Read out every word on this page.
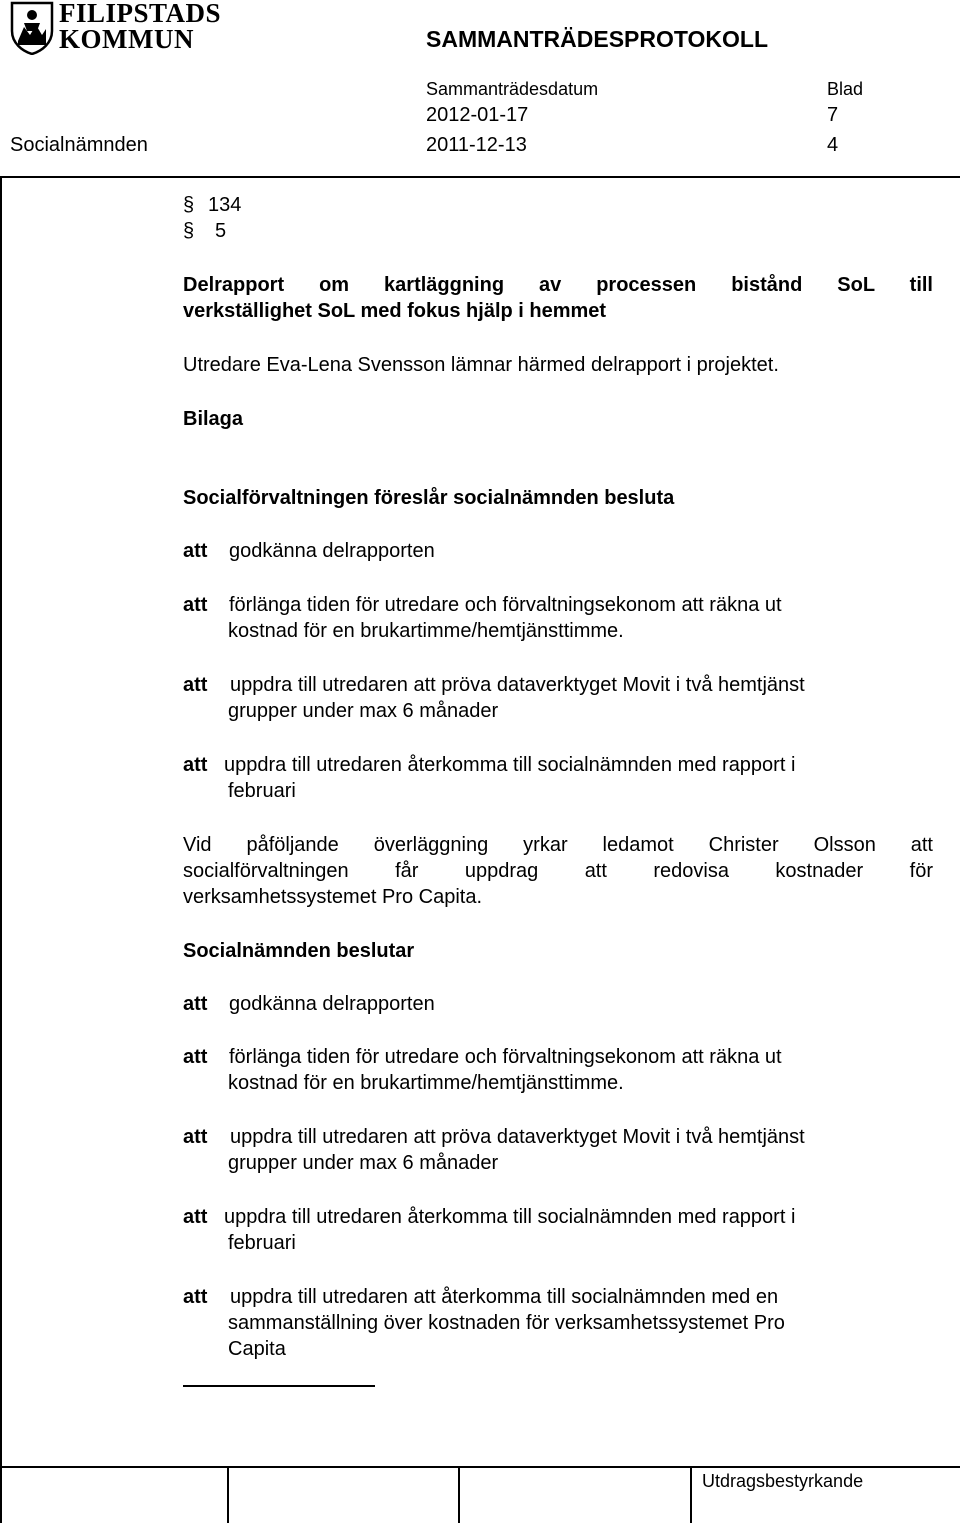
FILIPSTADS
KOMMUN	SAMMANTRÄDESPROTOKOLL
Sammanträdesdatum	Blad
2012-01-17	7
Socialnämnden	2011-12-13	4
§ 134
§ 5
Delrapport om kartläggning av processen bistånd SoL till
verkställighet SoL med fokus hjälp i hemmet
Utredare Eva-Lena Svensson lämnar härmed delrapport i projektet.
Bilaga
Socialförvaltningen föreslår socialnämnden besluta
att godkänna delrapporten
att förlänga tiden för utredare och förvaltningsekonom att räkna ut
kostnad för en brukartimme/hemtjänsttimme.
att uppdra till utredaren att pröva dataverktyget Movit i två hemtjänst
grupper under max 6 månader
att uppdra till utredaren återkomma till socialnämnden med rapport i
februari
Vid påföljande överläggning yrkar ledamot Christer Olsson att
socialförvaltningen får uppdrag att redovisa kostnader för
verksamhetssystemet Pro Capita.
Socialnämnden beslutar
att godkänna delrapporten
att förlänga tiden för utredare och förvaltningsekonom att räkna ut
kostnad för en brukartimme/hemtjänsttimme.
att uppdra till utredaren att pröva dataverktyget Movit i två hemtjänst
grupper under max 6 månader
att uppdra till utredaren återkomma till socialnämnden med rapport i
februari
att uppdra till utredaren att återkomma till socialnämnden med en
sammanställning över kostnaden för verksamhetssystemet Pro
Capita
Utdragsbestyrkande
